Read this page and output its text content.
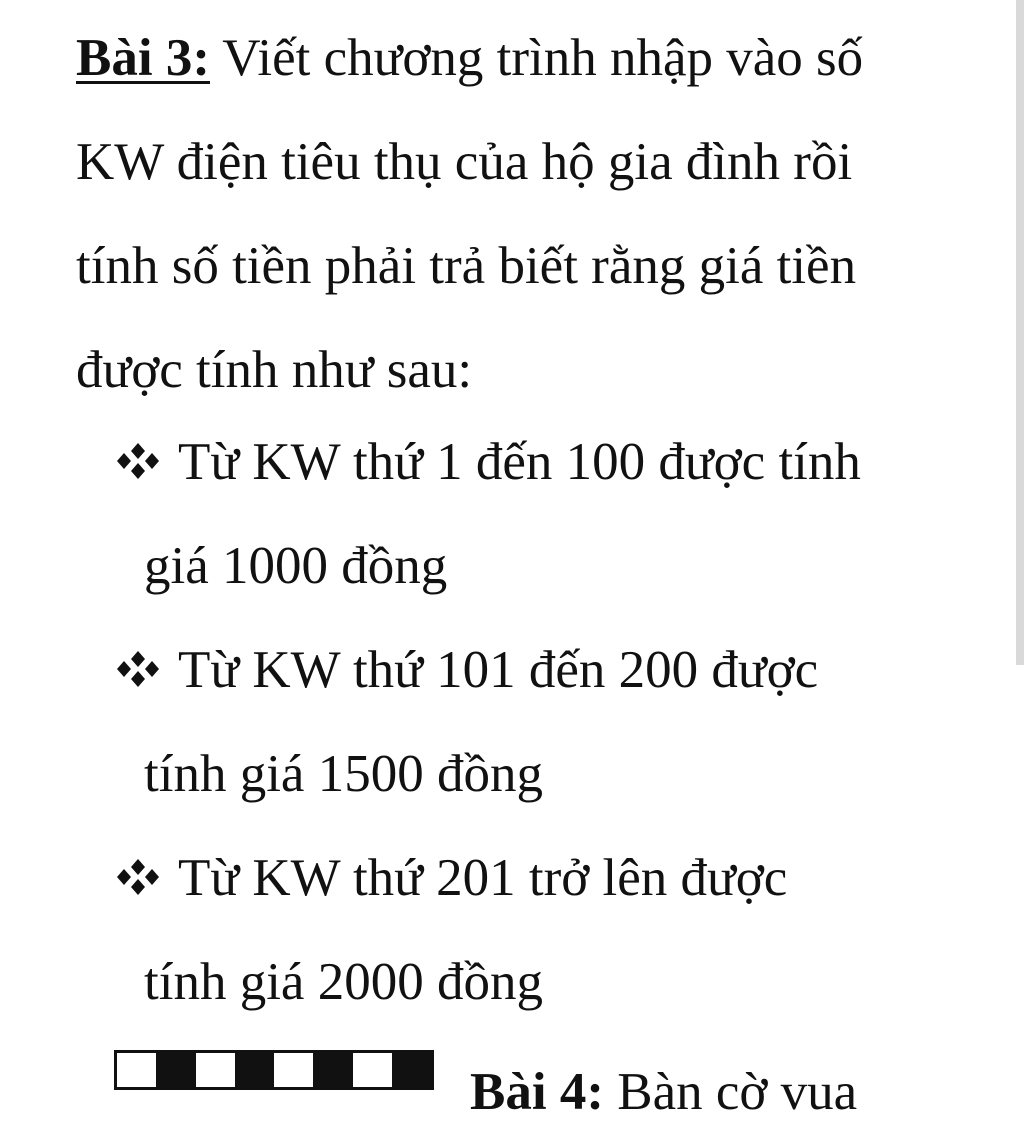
Bài 3: Viết chương trình nhập vào số
KW điện tiêu thụ của hộ gia đình rồi
tính số tiền phải trả biết rằng giá tiền
được tính như sau:
Từ KW thứ 1 đến 100 được tính
giá 1000 đồng
Từ KW thứ 101 đến 200 được
tính giá 1500 đồng
Từ KW thứ 201 trở lên được
tính giá 2000 đồng
Bài 4: Bàn cờ vua
